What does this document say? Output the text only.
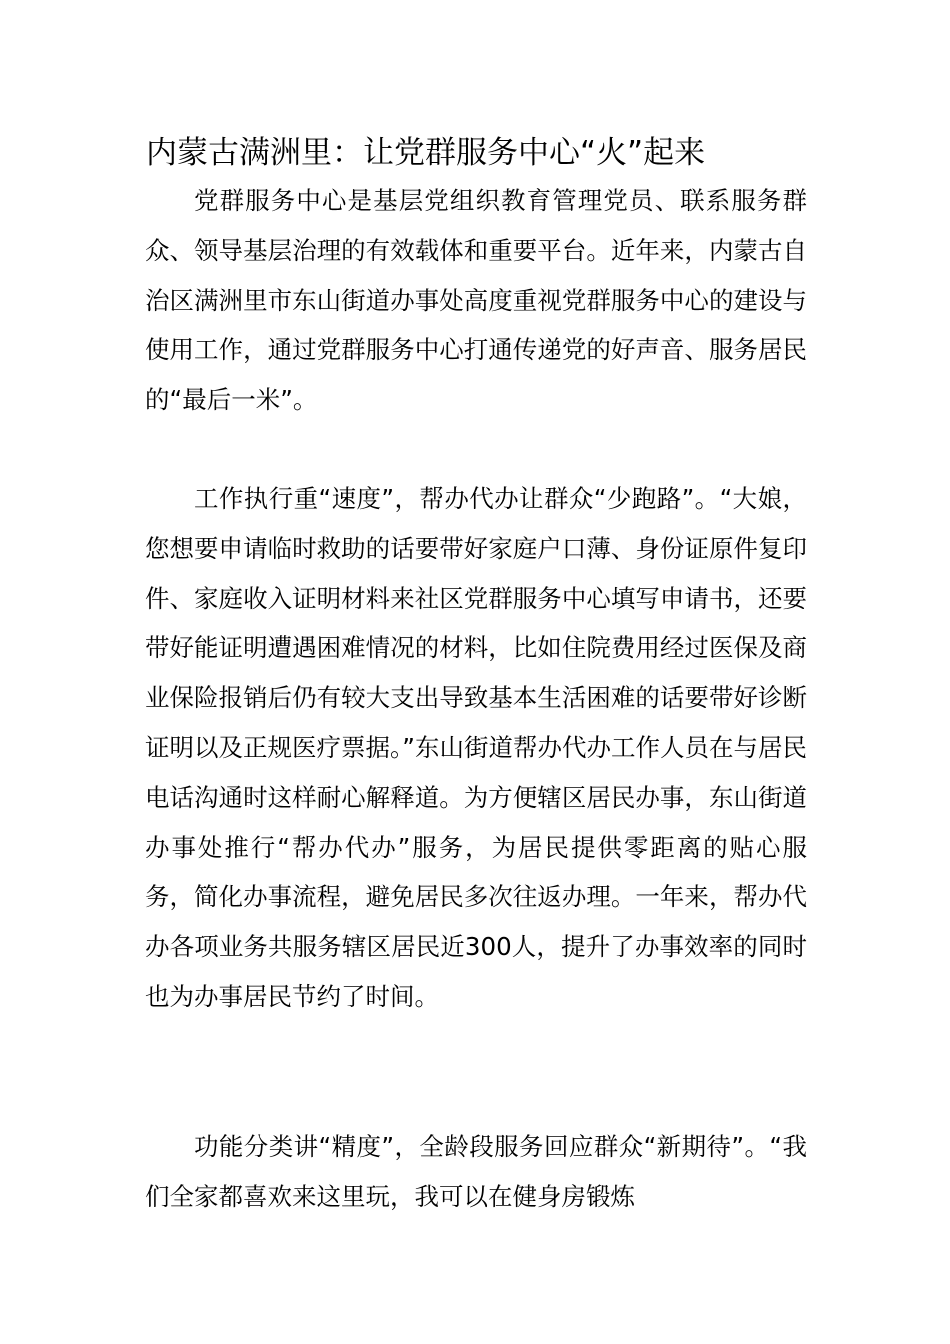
内蒙古满洲里：让党群服务中心“火”起来

党群服务中心是基层党组织教育管理党员、联系服务群众、领导基层治理的有效载体和重要平台。近年来，内蒙古自治区满洲里市东山街道办事处高度重视党群服务中心的建设与使用工作，通过党群服务中心打通传递党的好声音、服务居民的“最后一米”。

工作执行重“速度”，帮办代办让群众“少跑路”。“大娘，您想要申请临时救助的话要带好家庭户口薄、身份证原件复印件、家庭收入证明材料来社区党群服务中心填写申请书，还要带好能证明遭遇困难情况的材料，比如住院费用经过医保及商业保险报销后仍有较大支出导致基本生活困难的话要带好诊断证明以及正规医疗票据。”东山街道帮办代办工作人员在与居民电话沟通时这样耐心解释道。为方便辖区居民办事，东山街道办事处推行“帮办代办”服务，为居民提供零距离的贴心服务，简化办事流程，避免居民多次往返办理。一年来，帮办代办各项业务共服务辖区居民近300人，提升了办事效率的同时也为办事居民节约了时间。

功能分类讲“精度”，全龄段服务回应群众“新期待”。“我们全家都喜欢来这里玩，我可以在健身房锻炼
